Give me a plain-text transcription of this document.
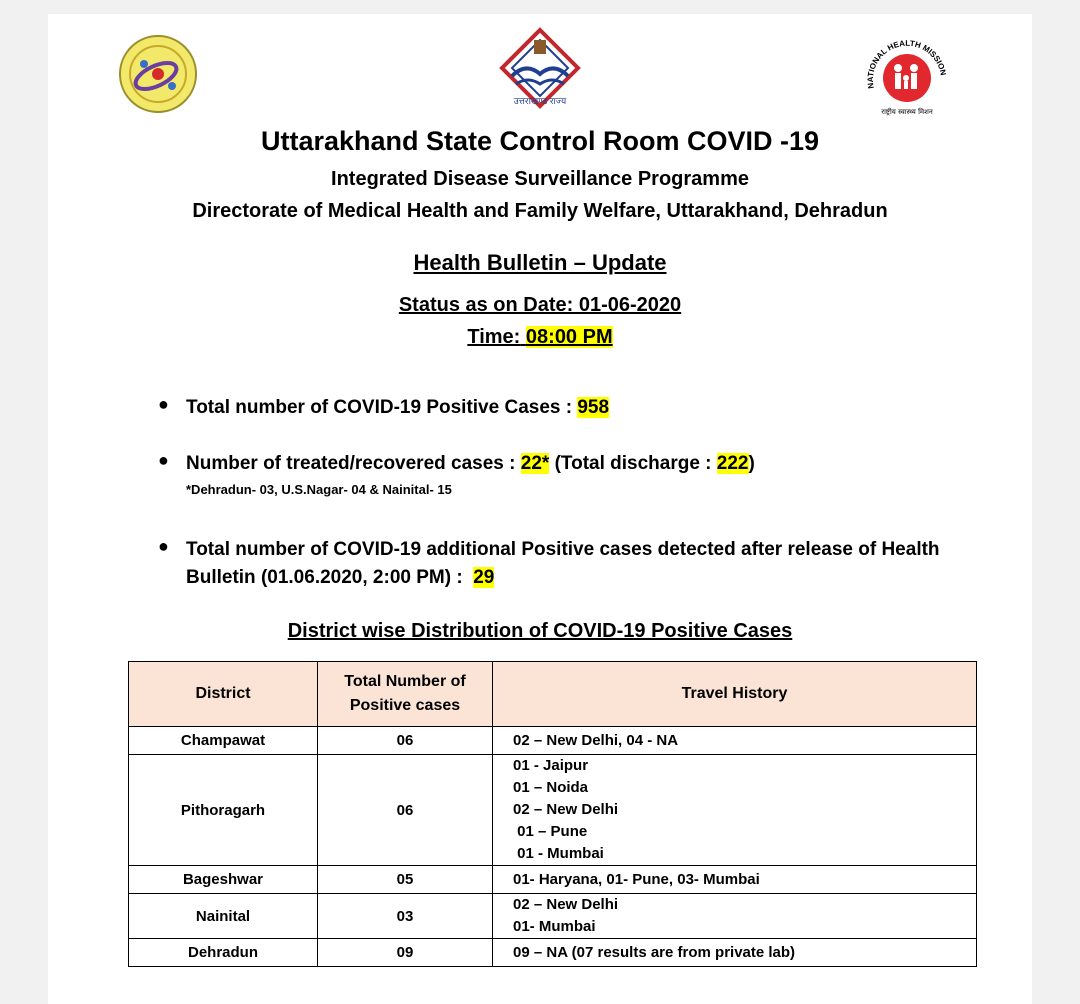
उत्तराखण्ड राज्य
NATIONAL HEALTH MISSION
राष्ट्रीय स्वास्थ्य मिशन
Uttarakhand State Control Room COVID -19
Integrated Disease Surveillance Programme
Directorate of Medical Health and Family Welfare, Uttarakhand, Dehradun
Health Bulletin – Update
Status as on Date: 01-06-2020
Time: 08:00 PM
● Total number of COVID-19 Positive Cases : 958
● Number of treated/recovered cases : 22* (Total discharge : 222)
*Dehradun- 03, U.S.Nagar- 04 & Nainital- 15
● Total number of COVID-19 additional Positive cases detected after release of Health Bulletin (01.06.2020, 2:00 PM) : 29
District wise Distribution of COVID-19 Positive Cases
District	Total Number of Positive cases	Travel History
Champawat	06	02 – New Delhi, 04 - NA

Pithoragarh	06	01 - Jaipur
01 – Noida
02 – New Delhi
01 – Pune
01 - Mumbai

Bageshwar	05	01- Haryana, 01- Pune, 03- Mumbai

Nainital	03	02 – New Delhi
01- Mumbai

Dehradun	09	09 – NA (07 results are from private lab)
